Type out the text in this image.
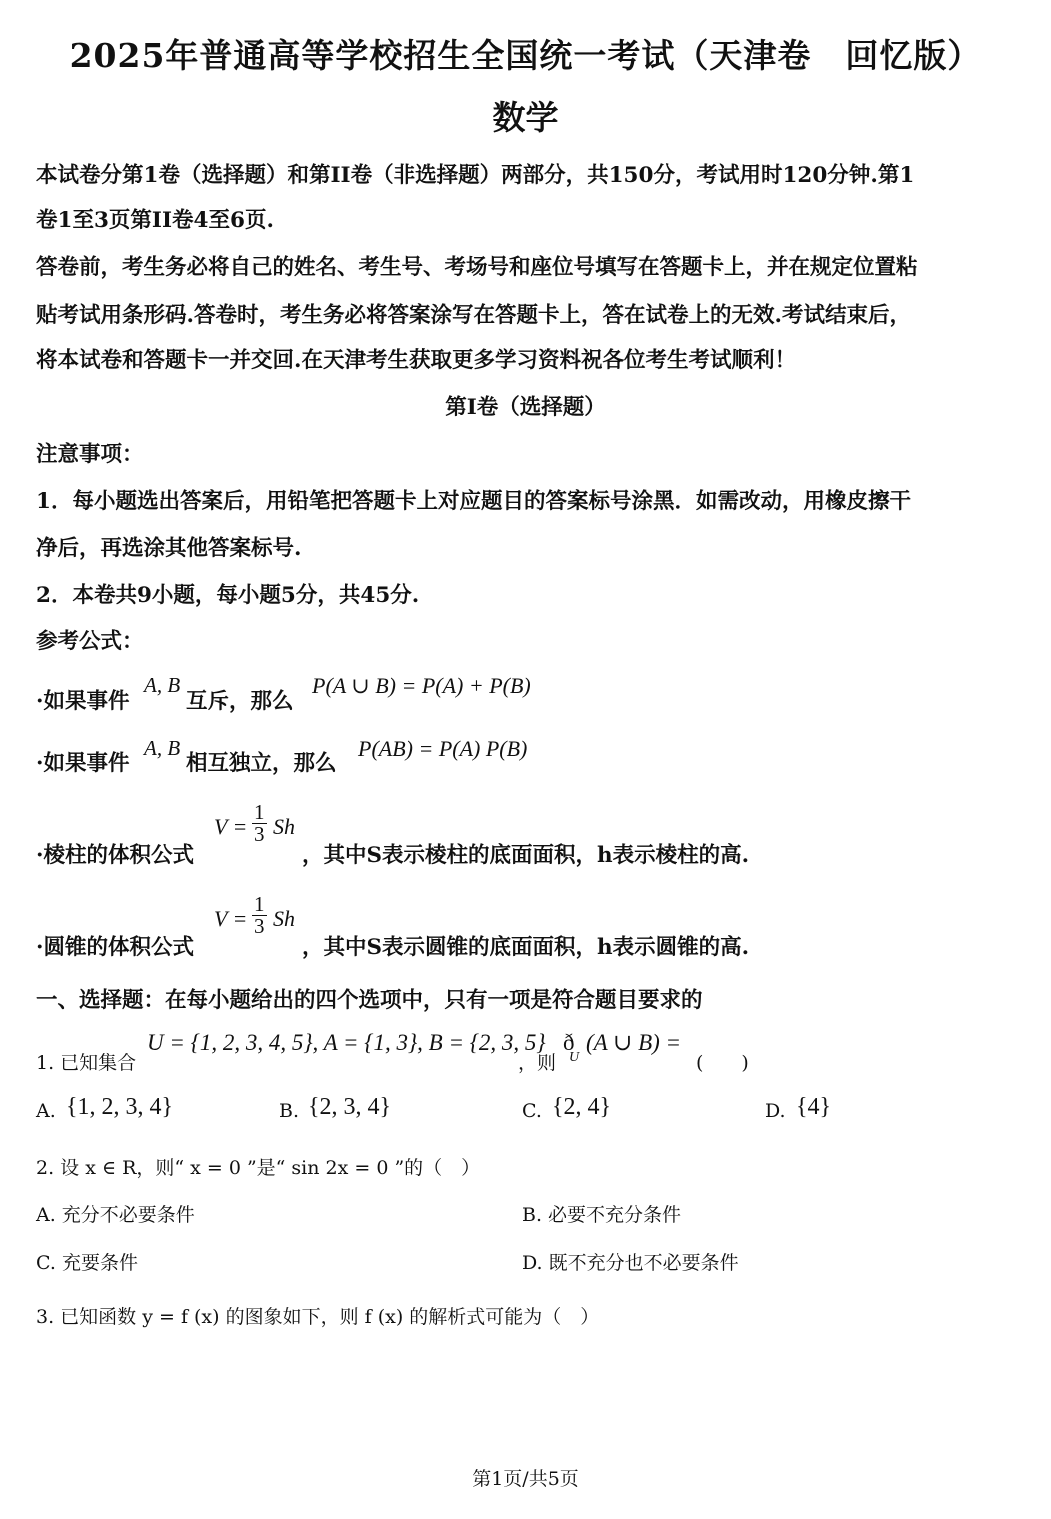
2025年普通高等学校招生全国统一考试（天津卷　回忆版）
数学
本试卷分第1卷（选择题）和第II卷（非选择题）两部分，共150分，考试用时120分钟.第1
卷1至3页第II卷4至6页.
答卷前，考生务必将自己的姓名、考生号、考场号和座位号填写在答题卡上，并在规定位置粘
贴考试用条形码.答卷时，考生务必将答案涂写在答题卡上，答在试卷上的无效.考试结束后，
将本试卷和答题卡一并交回.在天津考生获取更多学习资料祝各位考生考试顺利！
第I卷（选择题）
注意事项：
1．每小题选出答案后，用铅笔把答题卡上对应题目的答案标号涂黑．如需改动，用橡皮擦干
净后，再选涂其他答案标号.
2．本卷共9小题，每小题5分，共45分.
参考公式：
·如果事件
A, B
互斥，那么
P(A ∪ B) = P(A) + P(B)
·如果事件
A, B
相互独立，那么
P(AB) = P(A) P(B)
·棱柱的体积公式
$V = \frac{1}{3}$ Sh
，其中S表示棱柱的底面面积，h表示棱柱的高.
·圆锥的体积公式
$V = \frac{1}{3}$ Sh
，其中S表示圆锥的底面面积，h表示圆锥的高.
一、选择题：在每小题给出的四个选项中，只有一项是符合题目要求的
1. 已知集合
U = {1, 2, 3, 4, 5}, A = {1, 3}, B = {2, 3, 5}
，则
ð
U
(A ∪ B) =
(　　)
A. {1, 2, 3, 4}	B. {2, 3, 4}	C. {2, 4}	D. {4}
2. 设 x ∈ R，则“ x = 0 ”是“ sin 2x = 0 ”的（　）
A. 充分不必要条件	B. 必要不充分条件
C. 充要条件	D. 既不充分也不必要条件
3. 已知函数 y = f (x) 的图象如下，则 f (x) 的解析式可能为（　）
第1页/共5页
